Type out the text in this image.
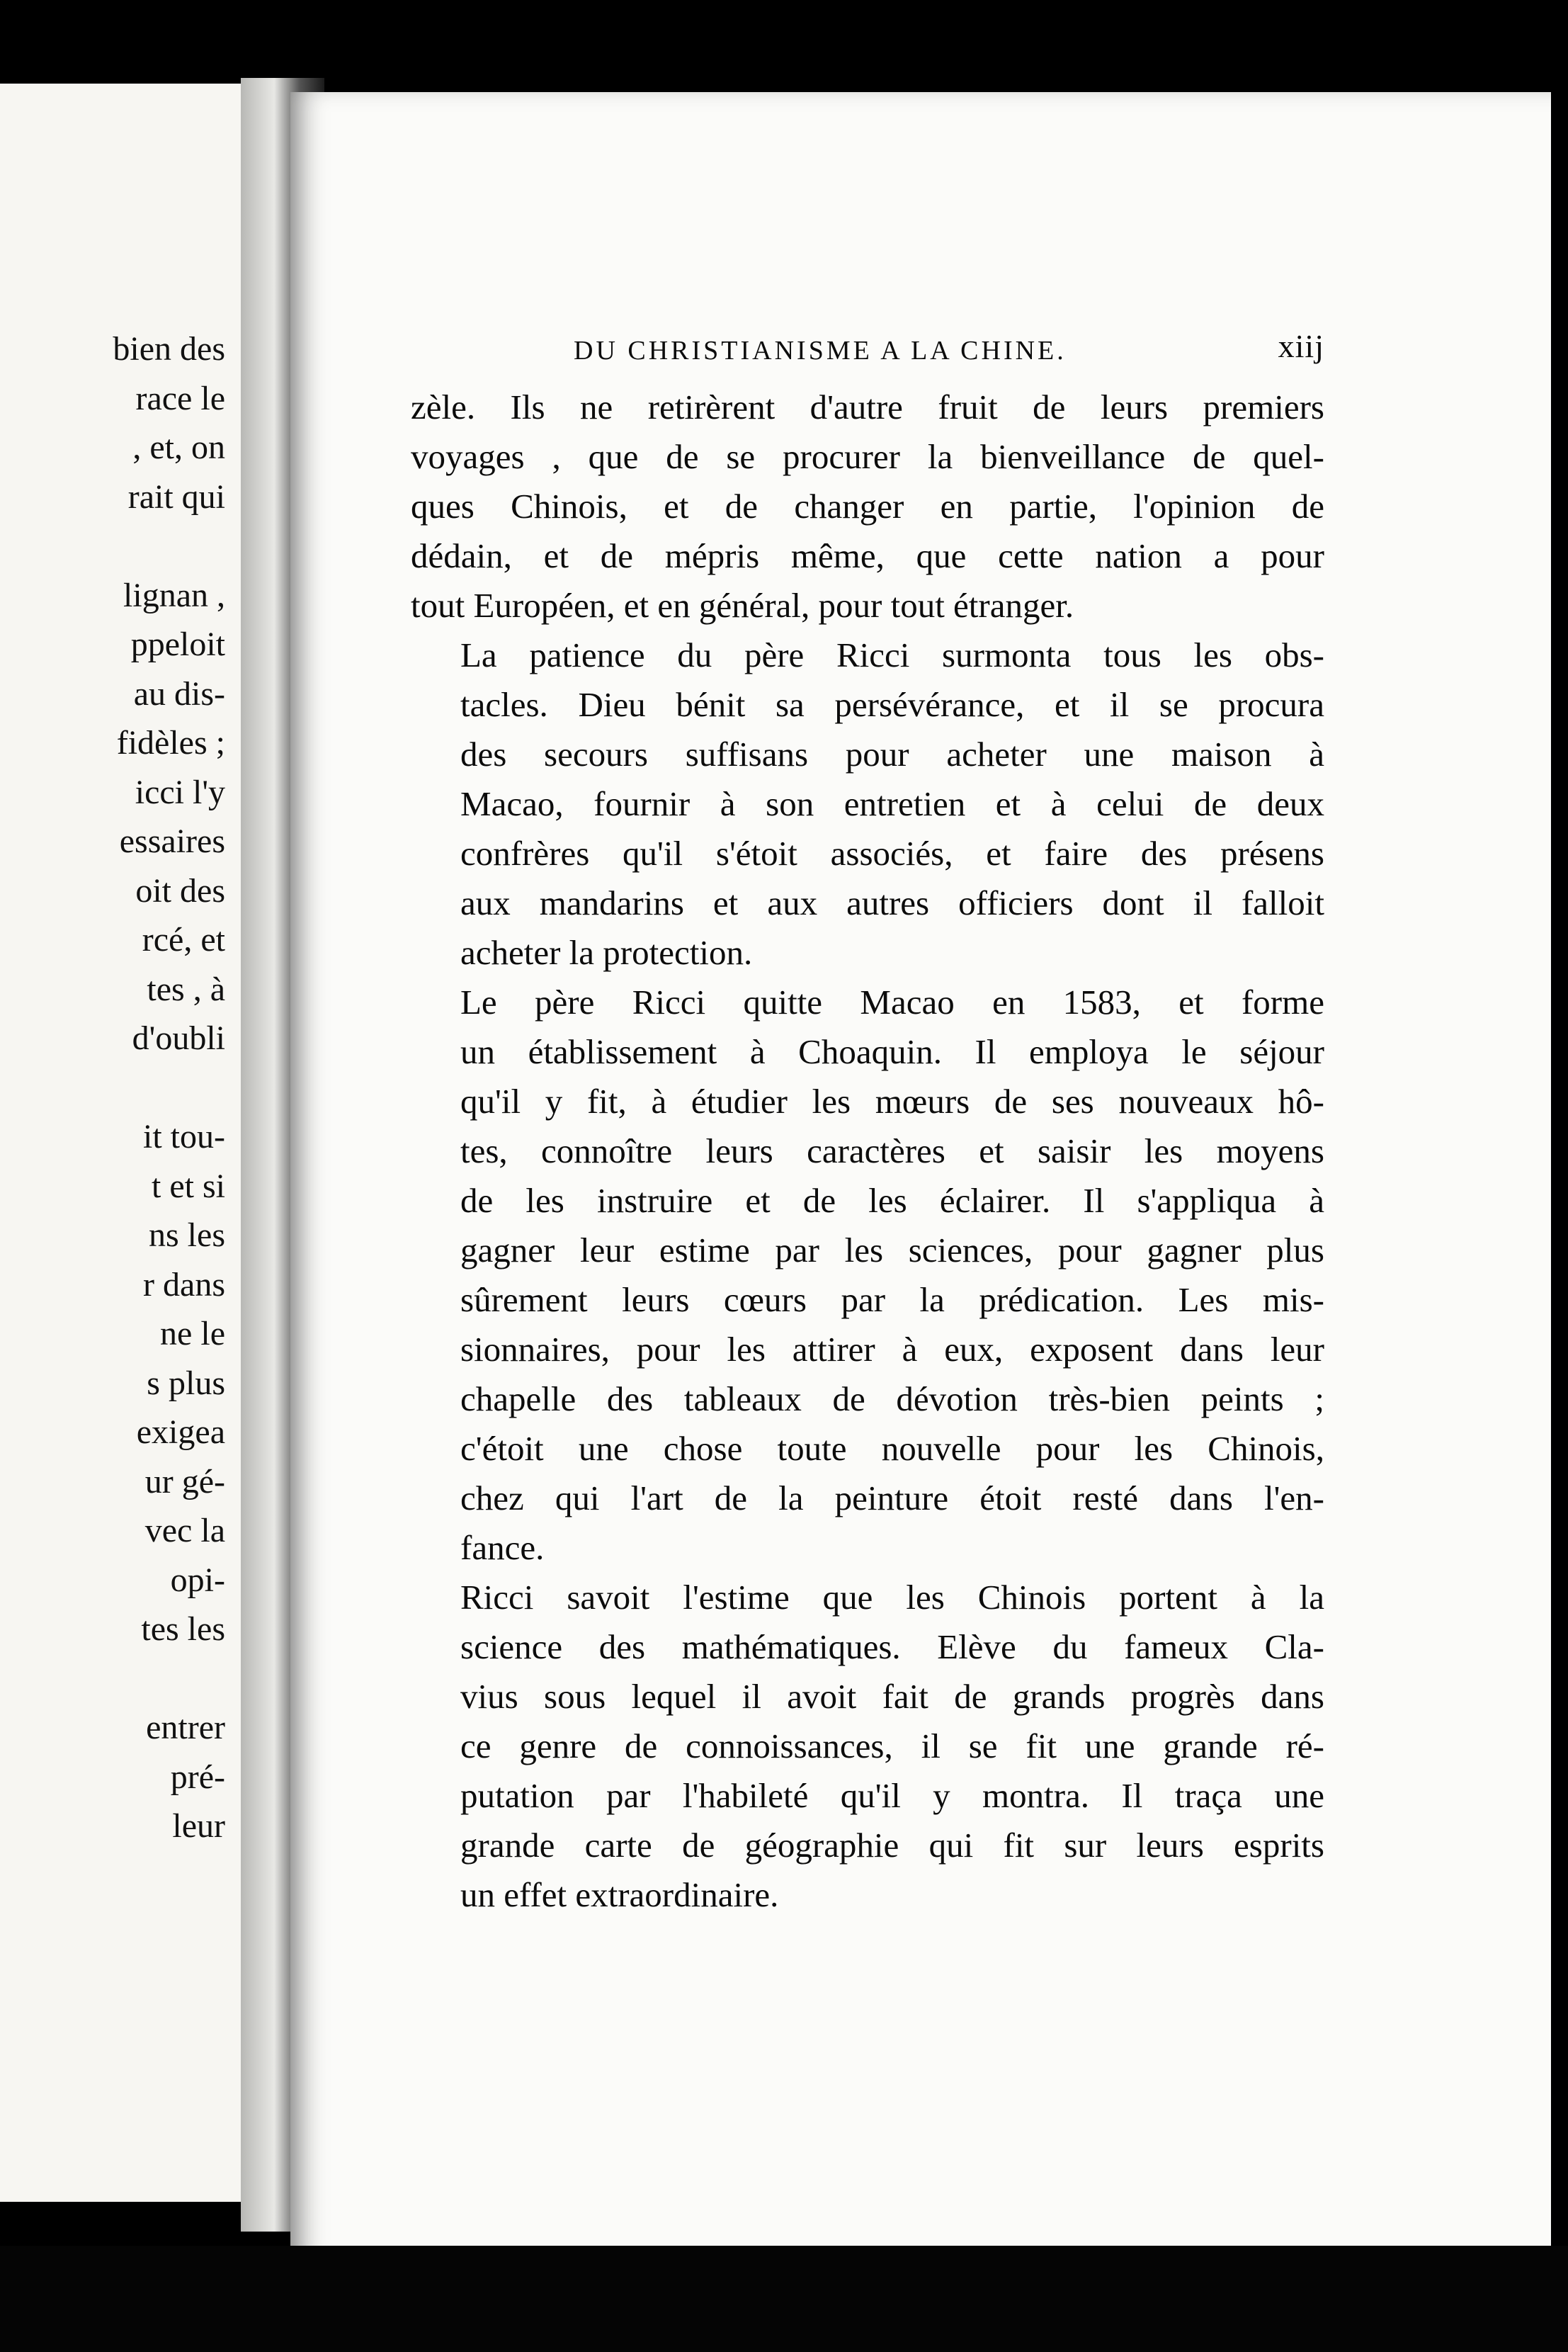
bien des
race le
, et, on
rait qui
lignan ,
ppeloit
au dis-
fidèles ;
icci l'y
essaires
oit des
rcé, et
tes , à
d'oubli
it tou-
t et si
ns les
r dans
ne le
s plus
exigea
ur gé-
vec la
opi-
tes les
entrer
pré-
leur
DU CHRISTIANISME A LA CHINE.	xiij

zèle. Ils ne retirèrent d'autre fruit de leurs premiers
voyages , que de se procurer la bienveillance de quel-
ques Chinois, et de changer en partie, l'opinion de
dédain, et de mépris même, que cette nation a pour
tout Européen, et en général, pour tout étranger.

La patience du père Ricci surmonta tous les obs-
tacles. Dieu bénit sa persévérance, et il se procura
des secours suffisans pour acheter une maison à
Macao, fournir à son entretien et à celui de deux
confrères qu'il s'étoit associés, et faire des présens
aux mandarins et aux autres officiers dont il falloit
acheter la protection.

Le père Ricci quitte Macao en 1583, et forme
un établissement à Choaquin. Il employa le séjour
qu'il y fit, à étudier les mœurs de ses nouveaux hô-
tes, connoître leurs caractères et saisir les moyens
de les instruire et de les éclairer. Il s'appliqua à
gagner leur estime par les sciences, pour gagner plus
sûrement leurs cœurs par la prédication. Les mis-
sionnaires, pour les attirer à eux, exposent dans leur
chapelle des tableaux de dévotion très-bien peints ;
c'étoit une chose toute nouvelle pour les Chinois,
chez qui l'art de la peinture étoit resté dans l'en-
fance.

Ricci savoit l'estime que les Chinois portent à la
science des mathématiques. Elève du fameux Cla-
vius sous lequel il avoit fait de grands progrès dans
ce genre de connoissances, il se fit une grande ré-
putation par l'habileté qu'il y montra. Il traça une
grande carte de géographie qui fit sur leurs esprits
un effet extraordinaire.
